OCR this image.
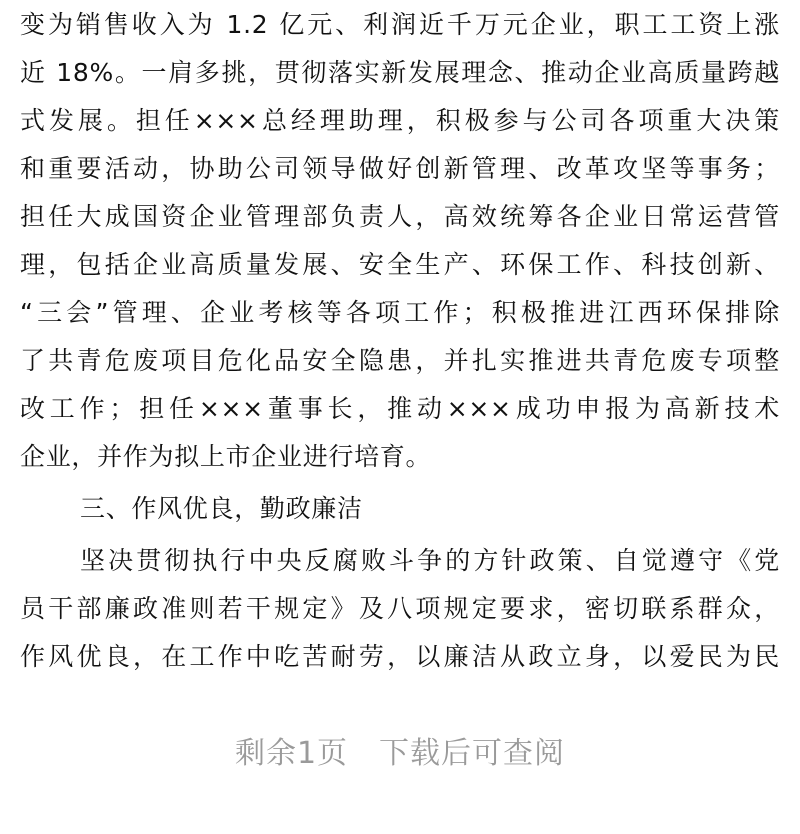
变为销售收入为 1.2 亿元、利润近千万元企业，职工工资上涨
近 18%。一肩多挑，贯彻落实新发展理念、推动企业高质量跨越
式发展。担任×××总经理助理，积极参与公司各项重大决策
和重要活动，协助公司领导做好创新管理、改革攻坚等事务；
担任大成国资企业管理部负责人，高效统筹各企业日常运营管
理，包括企业高质量发展、安全生产、环保工作、科技创新、
“三会”管理、企业考核等各项工作；积极推进江西环保排除
了共青危废项目危化品安全隐患，并扎实推进共青危废专项整
改工作；担任×××董事长，推动×××成功申报为高新技术
企业，并作为拟上市企业进行培育。
三、作风优良，勤政廉洁
坚决贯彻执行中央反腐败斗争的方针政策、自觉遵守《党
员干部廉政准则若干规定》及八项规定要求，密切联系群众，
作风优良，在工作中吃苦耐劳，以廉洁从政立身，以爱民为民
剩余1页　下载后可查阅
